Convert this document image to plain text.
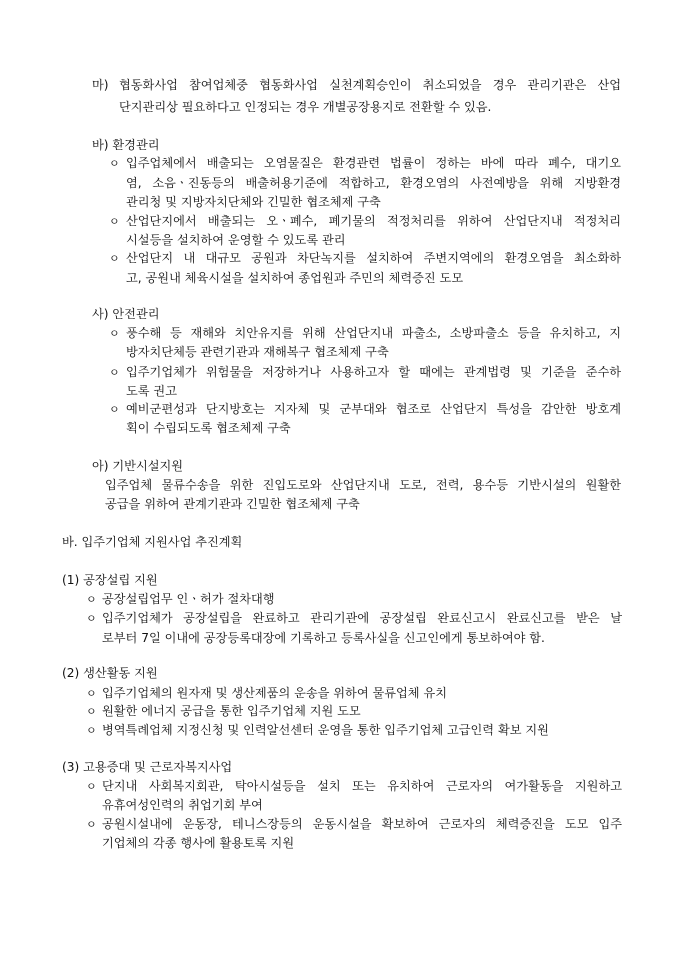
마) 협동화사업 참여업체중 협동화사업 실천계획승인이 취소되었을 경우 관리기관은 산업
단지관리상 필요하다고 인정되는 경우 개별공장용지로 전환할 수 있음.
바) 환경관리
ㅇ 입주업체에서 배출되는 오염물질은 환경관련 법률이 정하는 바에 따라 폐수, 대기오
염, 소음ㆍ진동등의 배출허용기준에 적합하고, 환경오염의 사전예방을 위해 지방환경
관리청 및 지방자치단체와 긴밀한 협조체제 구축
ㅇ 산업단지에서 배출되는 오ㆍ폐수, 폐기물의 적정처리를 위하여 산업단지내 적정처리
시설등을 설치하여 운영할 수 있도록 관리
ㅇ 산업단지 내 대규모 공원과 차단녹지를 설치하여 주변지역에의 환경오염을 최소화하
고, 공원내 체육시설을 설치하여 종업원과 주민의 체력증진 도모
사) 안전관리
ㅇ 풍수해 등 재해와 치안유지를 위해 산업단지내 파출소, 소방파출소 등을 유치하고, 지
방자치단체등 관련기관과 재해복구 협조체제 구축
ㅇ 입주기업체가 위험물을 저장하거나 사용하고자 할 때에는 관계법령 및 기준을 준수하
도록 권고
ㅇ 예비군편성과 단지방호는 지자체 및 군부대와 협조로 산업단지 특성을 감안한 방호계
획이 수립되도록 협조체제 구축
아) 기반시설지원
입주업체 물류수송을 위한 진입도로와 산업단지내 도로, 전력, 용수등 기반시설의 원활한
공급을 위하여 관계기관과 긴밀한 협조체제 구축
바. 입주기업체 지원사업 추진계획
(1) 공장설립 지원
ㅇ 공장설립업무 인ㆍ허가 절차대행
ㅇ 입주기업체가 공장설립을 완료하고 관리기관에 공장설립 완료신고시 완료신고를 받은 날
로부터 7일 이내에 공장등록대장에 기록하고 등록사실을 신고인에게 통보하여야 함.
(2) 생산활동 지원
ㅇ 입주기업체의 원자재 및 생산제품의 운송을 위하여 물류업체 유치
ㅇ 원활한 에너지 공급을 통한 입주기업체 지원 도모
ㅇ 병역특례업체 지정신청 및 인력알선센터 운영을 통한 입주기업체 고급인력 확보 지원
(3) 고용증대 및 근로자복지사업
ㅇ 단지내 사회복지회관, 탁아시설등을 설치 또는 유치하여 근로자의 여가활동을 지원하고
유휴여성인력의 취업기회 부여
ㅇ 공원시설내에 운동장, 테니스장등의 운동시설을 확보하여 근로자의 체력증진을 도모 입주
기업체의 각종 행사에 활용토록 지원
